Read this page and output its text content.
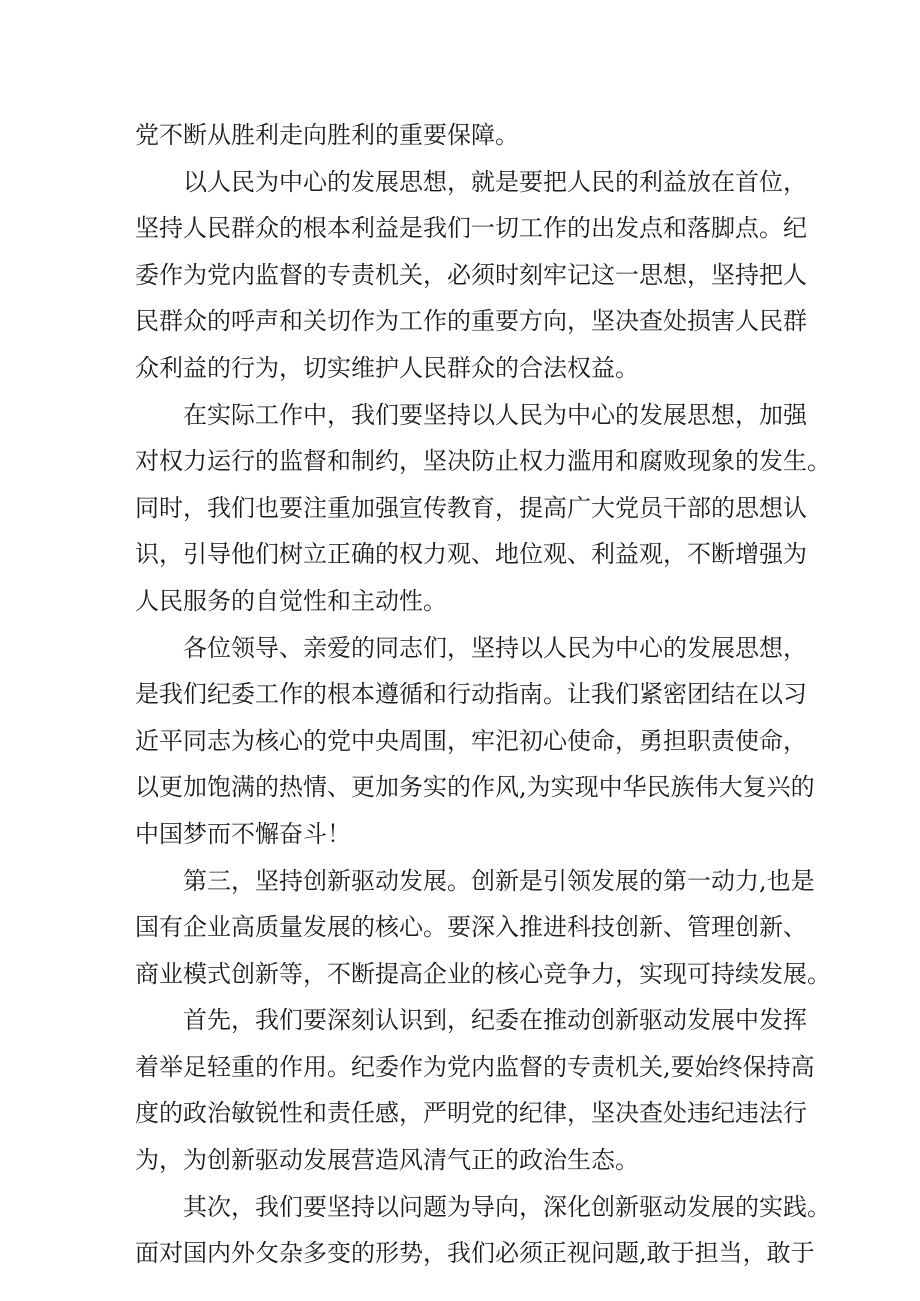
党不断从胜利走向胜利的重要保障。
以人民为中心的发展思想，就是要把人民的利益放在首位，
坚持人民群众的根本利益是我们一切工作的出发点和落脚点。纪
委作为党内监督的专责机关，必须时刻牢记这一思想，坚持把人
民群众的呼声和关切作为工作的重要方向，坚决查处损害人民群
众利益的行为，切实维护人民群众的合法权益。
在实际工作中，我们要坚持以人民为中心的发展思想，加强
对权力运行的监督和制约，坚决防止权力滥用和腐败现象的发生。
同时，我们也要注重加强宣传教育，提高广大党员干部的思想认
识，引导他们树立正确的权力观、地位观、利益观，不断增强为
人民服务的自觉性和主动性。
各位领导、亲爱的同志们，坚持以人民为中心的发展思想，
是我们纪委工作的根本遵循和行动指南。让我们紧密团结在以习
近平同志为核心的党中央周围，牢汜初心使命，勇担职责使命，
以更加饱满的热情、更加务实的作风,为实现中华民族伟大复兴的
中国梦而不懈奋斗！
第三，坚持创新驱动发展。创新是引领发展的第一动力,也是
国有企业高质量发展的核心。要深入推进科技创新、管理创新、
商业模式创新等，不断提高企业的核心竞争力，实现可持续发展。
首先，我们要深刻认识到，纪委在推动创新驱动发展中发挥
着举足轻重的作用。纪委作为党内监督的专责机关,要始终保持高
度的政治敏锐性和责任感，严明党的纪律，坚决查处违纪违法行
为，为创新驱动发展营造风清气正的政治生态。
其次，我们要坚持以问题为导向，深化创新驱动发展的实践。
面对国内外攵杂多变的形势，我们必须正视问题,敢于担当，敢于
